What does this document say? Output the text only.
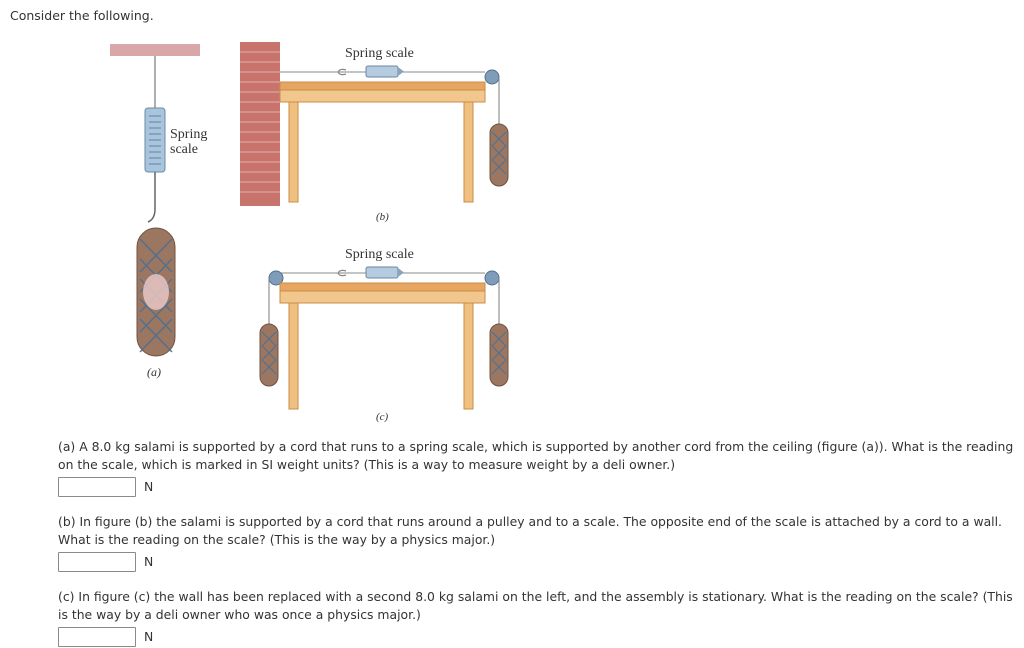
Consider the following.
Spring
scale
(a)
Spring scale
(b)
Spring scale
(c)

(a) A 8.0 kg salami is supported by a cord that runs to a spring scale, which is supported by another cord from the ceiling (figure (a)). What is the reading on the scale, which is marked in SI weight units? (This is a way to measure weight by a deli owner.)

N

(b) In figure (b) the salami is supported by a cord that runs around a pulley and to a scale. The opposite end of the scale is attached by a cord to a wall. What is the reading on the scale? (This is the way by a physics major.)

N

(c) In figure (c) the wall has been replaced with a second 8.0 kg salami on the left, and the assembly is stationary. What is the reading on the scale? (This is the way by a deli owner who was once a physics major.)

N
